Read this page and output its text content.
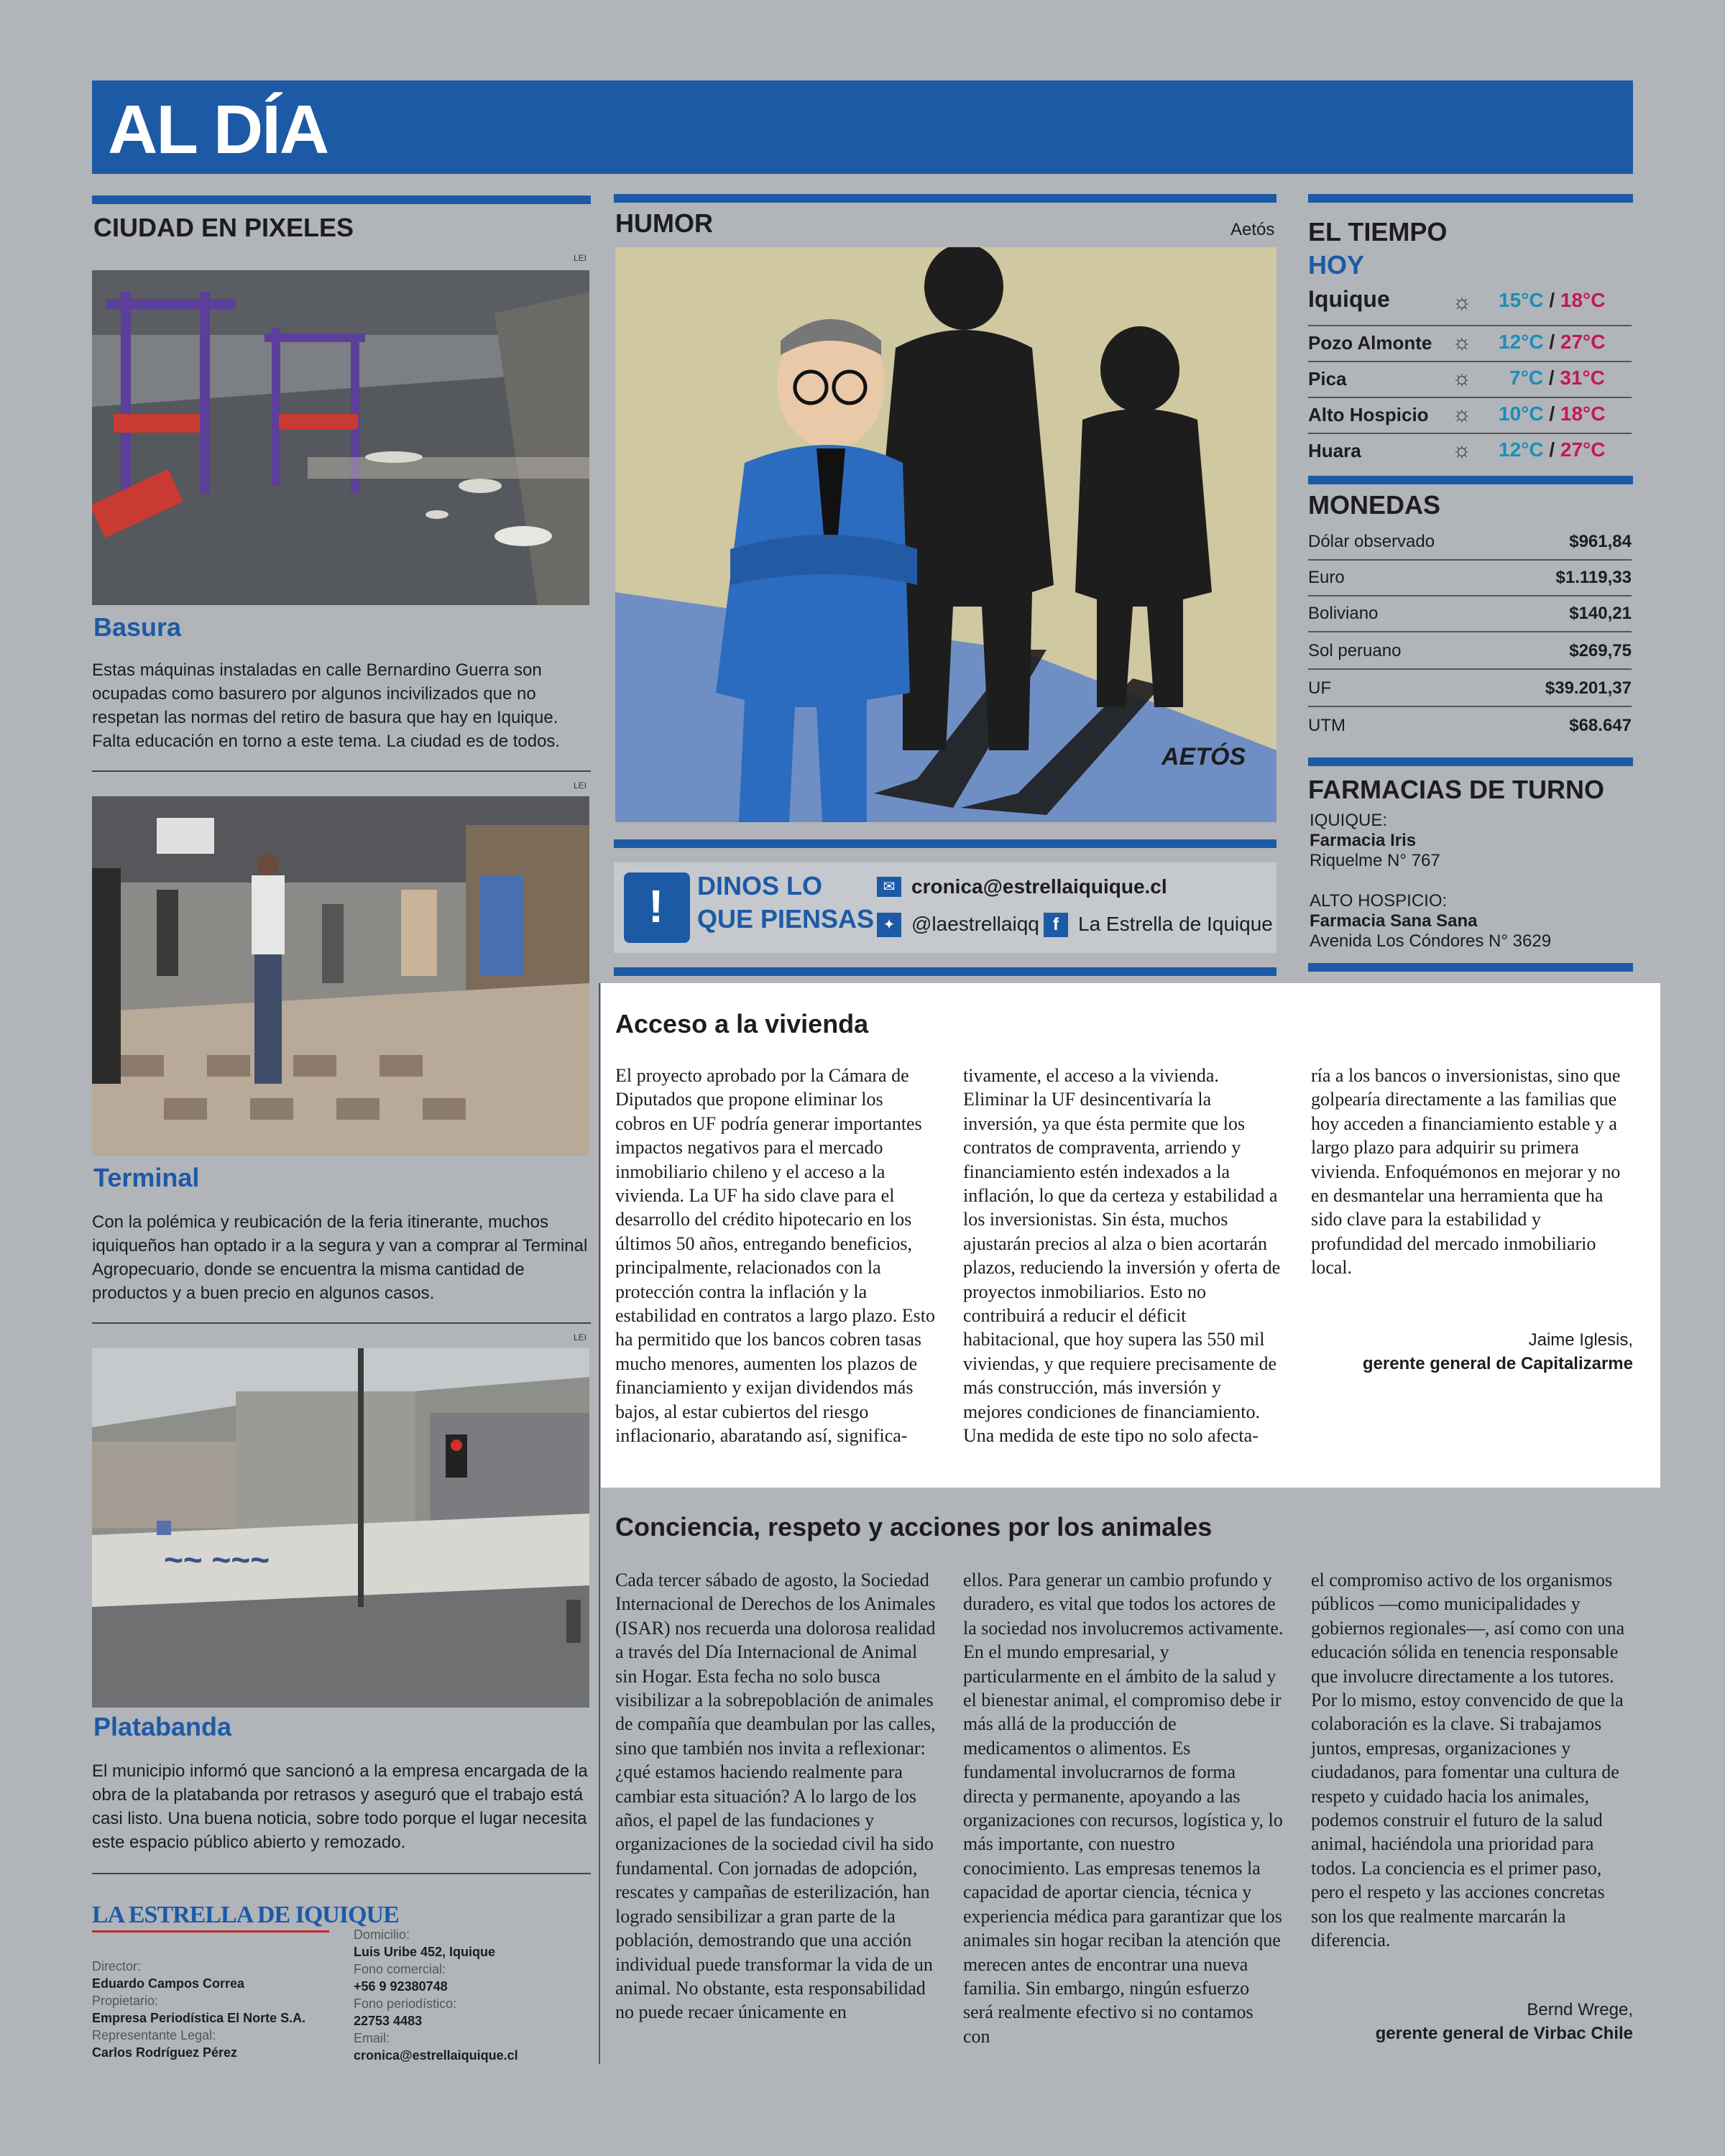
AL DÍA
CIUDAD EN PIXELES
LEI
Basura
Estas máquinas instaladas en calle Bernardino Guerra son ocupadas como basurero por algunos incivilizados que no respetan las normas del retiro de basura que hay en Iquique. Falta educación en torno a este tema. La ciudad es de todos.
LEI
Terminal
Con la polémica y reubicación de la feria itinerante, muchos iquiqueños han optado ir a la segura y van a comprar al Terminal Agropecuario, donde se encuentra la misma cantidad de productos y a buen precio en algunos casos.
LEI
~~ ~~~
Platabanda
El municipio informó que sancionó a la empresa encargada de la obra de la platabanda por retrasos y aseguró que el trabajo está casi listo. Una buena noticia, sobre todo porque el lugar necesita este espacio público abierto y remozado.
LA ESTRELLA DE IQUIQUE
Director:
Eduardo Campos Correa
Propietario:
Empresa Periodística El Norte S.A.
Representante Legal:
Carlos Rodríguez Pérez
Domicilio:
Luis Uribe 452, Iquique
Fono comercial:
+56 9 92380748
Fono periodístico:
22753 4483
Email:
cronica@estrellaiquique.cl
HUMOR	Aetós
AETÓS
! DINOS LO
QUE PIENSAS
✉ cronica@estrellaiquique.cl
✦ @laestrellaiqq f La Estrella de Iquique
EL TIEMPO
HOY
Iquique	☼ 15°C / 18°C
Pozo Almonte ☼ 12°C / 27°C
Pica	☼ 7°C / 31°C
Alto Hospicio ☼ 10°C / 18°C
Huara	☼ 12°C / 27°C
MONEDAS
Dólar observado	$961,84
Euro	$1.119,33
Boliviano	$140,21
Sol peruano	$269,75
UF	$39.201,37
UTM	$68.647
FARMACIAS DE TURNO
IQUIQUE:
Farmacia Iris
Riquelme N° 767
ALTO HOSPICIO:
Farmacia Sana Sana
Avenida Los Cóndores N° 3629
Acceso a la vivienda

El proyecto aprobado por la Cámara de Diputados que propone eliminar los cobros en UF podría generar importantes impactos negativos para el mercado inmobiliario chileno y el acceso a la vivienda. La UF ha sido clave para el desarrollo del crédito hipotecario en los últimos 50 años, entregando beneficios, principalmente, relacionados con la protección contra la inflación y la estabilidad en contratos a largo plazo. Esto ha permitido que los bancos cobren tasas mucho menores, aumenten los plazos de financiamiento y exijan dividendos más bajos, al estar cubiertos del riesgo inflacionario, abaratando así, significa-

tivamente, el acceso a la vivienda. Eliminar la UF desincentivaría la inversión, ya que ésta permite que los contratos de compraventa, arriendo y financiamiento estén indexados a la inflación, lo que da certeza y estabilidad a los inversionistas. Sin ésta, muchos ajustarán precios al alza o bien acortarán plazos, reduciendo la inversión y oferta de proyectos inmobiliarios. Esto no contribuirá a reducir el déficit habitacional, que hoy supera las 550 mil viviendas, y que requiere precisamente de más construcción, más inversión y mejores condiciones de financiamiento. Una medida de este tipo no solo afecta-

ría a los bancos o inversionistas, sino que golpearía directamente a las familias que hoy acceden a financiamiento estable y a largo plazo para adquirir su primera vivienda. Enfoquémonos en mejorar y no en desmantelar una herramienta que ha sido clave para la estabilidad y profundidad del mercado inmobiliario local.

Jaime Iglesis,
gerente general de Capitalizarme
Conciencia, respeto y acciones por los animales

Cada tercer sábado de agosto, la Sociedad Internacional de Derechos de los Animales (ISAR) nos recuerda una dolorosa realidad a través del Día Internacional de Animal sin Hogar. Esta fecha no solo busca visibilizar a la sobrepoblación de animales de compañía que deambulan por las calles, sino que también nos invita a reflexionar: ¿qué estamos haciendo realmente para cambiar esta situación? A lo largo de los años, el papel de las fundaciones y organizaciones de la sociedad civil ha sido fundamental. Con jornadas de adopción, rescates y campañas de esterilización, han logrado sensibilizar a gran parte de la población, demostrando que una acción individual puede transformar la vida de un animal. No obstante, esta responsabilidad no puede recaer únicamente en

ellos. Para generar un cambio profundo y duradero, es vital que todos los actores de la sociedad nos involucremos activamente. En el mundo empresarial, y particularmente en el ámbito de la salud y el bienestar animal, el compromiso debe ir más allá de la producción de medicamentos o alimentos. Es fundamental involucrarnos de forma directa y permanente, apoyando a las organizaciones con recursos, logística y, lo más importante, con nuestro conocimiento. Las empresas tenemos la capacidad de aportar ciencia, técnica y experiencia médica para garantizar que los animales sin hogar reciban la atención que merecen antes de encontrar una nueva familia. Sin embargo, ningún esfuerzo será realmente efectivo si no contamos con

el compromiso activo de los organismos públicos —como municipalidades y gobiernos regionales—, así como con una educación sólida en tenencia responsable que involucre directamente a los tutores. Por lo mismo, estoy convencido de que la colaboración es la clave. Si trabajamos juntos, empresas, organizaciones y ciudadanos, para fomentar una cultura de respeto y cuidado hacia los animales, podemos construir el futuro de la salud animal, haciéndola una prioridad para todos. La conciencia es el primer paso, pero el respeto y las acciones concretas son los que realmente marcarán la diferencia.

Bernd Wrege,
gerente general de Virbac Chile
